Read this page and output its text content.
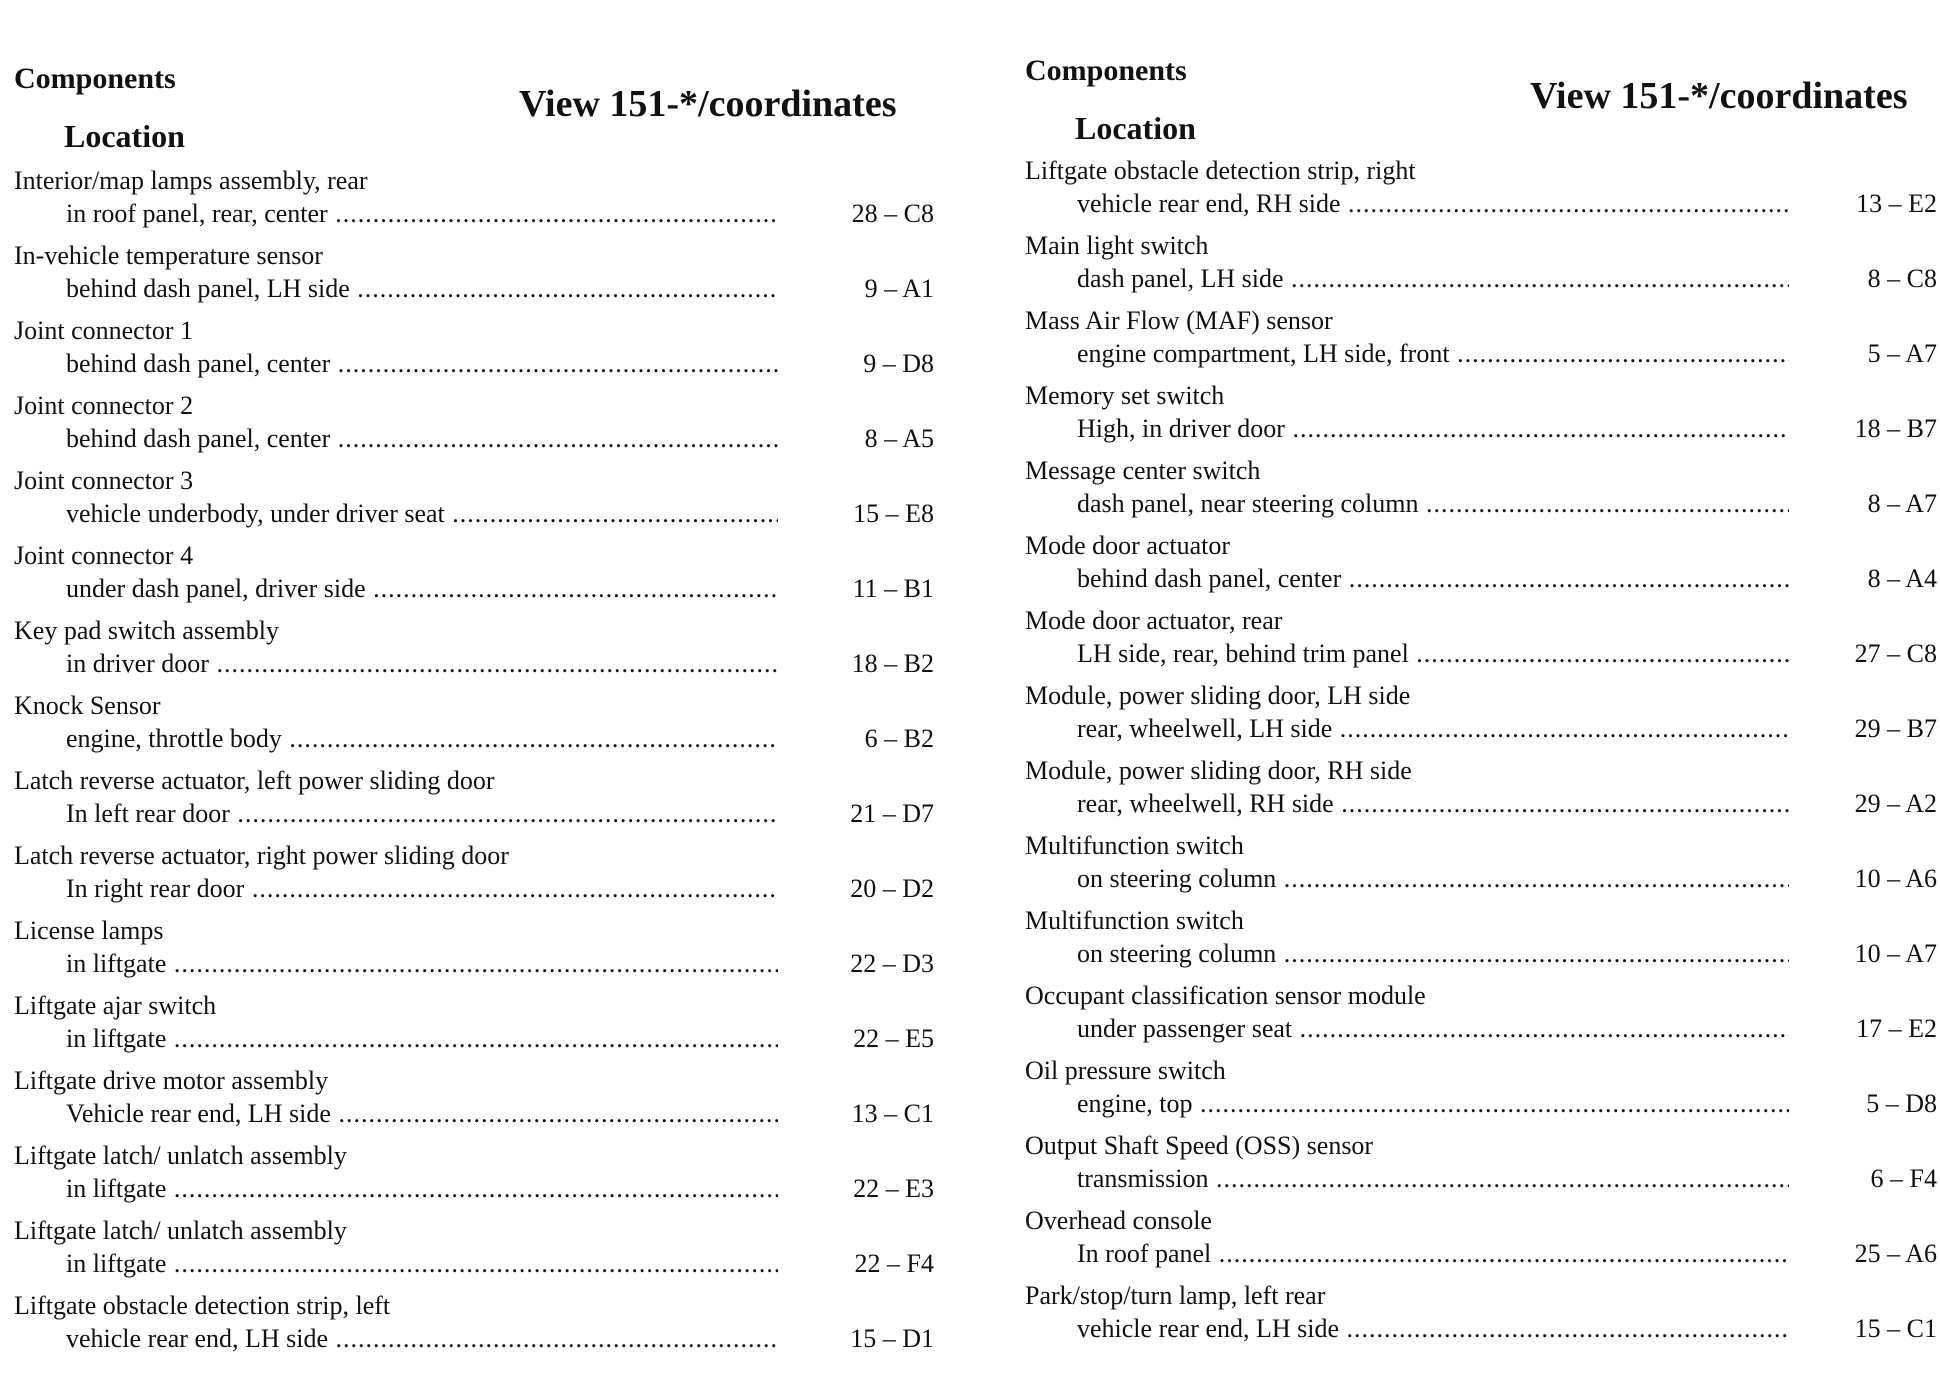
Components
Location
View 151-*/coordinates
Interior/map lamps assembly, rear
in roof panel, rear, center .....	28 – C8
In-vehicle temperature sensor
behind dash panel, LH side .....	9 – A1
Joint connector 1
behind dash panel, center .....	9 – D8
Joint connector 2
behind dash panel, center .....	8 – A5
Joint connector 3
vehicle underbody, under driver seat .....	15 – E8
Joint connector 4
under dash panel, driver side .....	11 – B1
Key pad switch assembly
in driver door .....	18 – B2
Knock Sensor
engine, throttle body .....	6 – B2
Latch reverse actuator, left power sliding door
In left rear door .....	21 – D7
Latch reverse actuator, right power sliding door
In right rear door .....	20 – D2
License lamps
in liftgate .....	22 – D3
Liftgate ajar switch
in liftgate .....	22 – E5
Liftgate drive motor assembly
Vehicle rear end, LH side .....	13 – C1
Liftgate latch/ unlatch assembly
in liftgate .....	22 – E3
Liftgate latch/ unlatch assembly
in liftgate .....	22 – F4
Liftgate obstacle detection strip, left
vehicle rear end, LH side .....	15 – D1
Components
Location
View 151-*/coordinates
Liftgate obstacle detection strip, right
vehicle rear end, RH side .....	13 – E2
Main light switch
dash panel, LH side .....	8 – C8
Mass Air Flow (MAF) sensor
engine compartment, LH side, front .....	5 – A7
Memory set switch
High, in driver door .....	18 – B7
Message center switch
dash panel, near steering column .....	8 – A7
Mode door actuator
behind dash panel, center .....	8 – A4
Mode door actuator, rear
LH side, rear, behind trim panel .....	27 – C8
Module, power sliding door, LH side
rear, wheelwell, LH side .....	29 – B7
Module, power sliding door, RH side
rear, wheelwell, RH side .....	29 – A2
Multifunction switch
on steering column .....	10 – A6
Multifunction switch
on steering column .....	10 – A7
Occupant classification sensor module
under passenger seat .....	17 – E2
Oil pressure switch
engine, top .....	5 – D8
Output Shaft Speed (OSS) sensor
transmission .....	6 – F4
Overhead console
In roof panel .....	25 – A6
Park/stop/turn lamp, left rear
vehicle rear end, LH side .....	15 – C1
